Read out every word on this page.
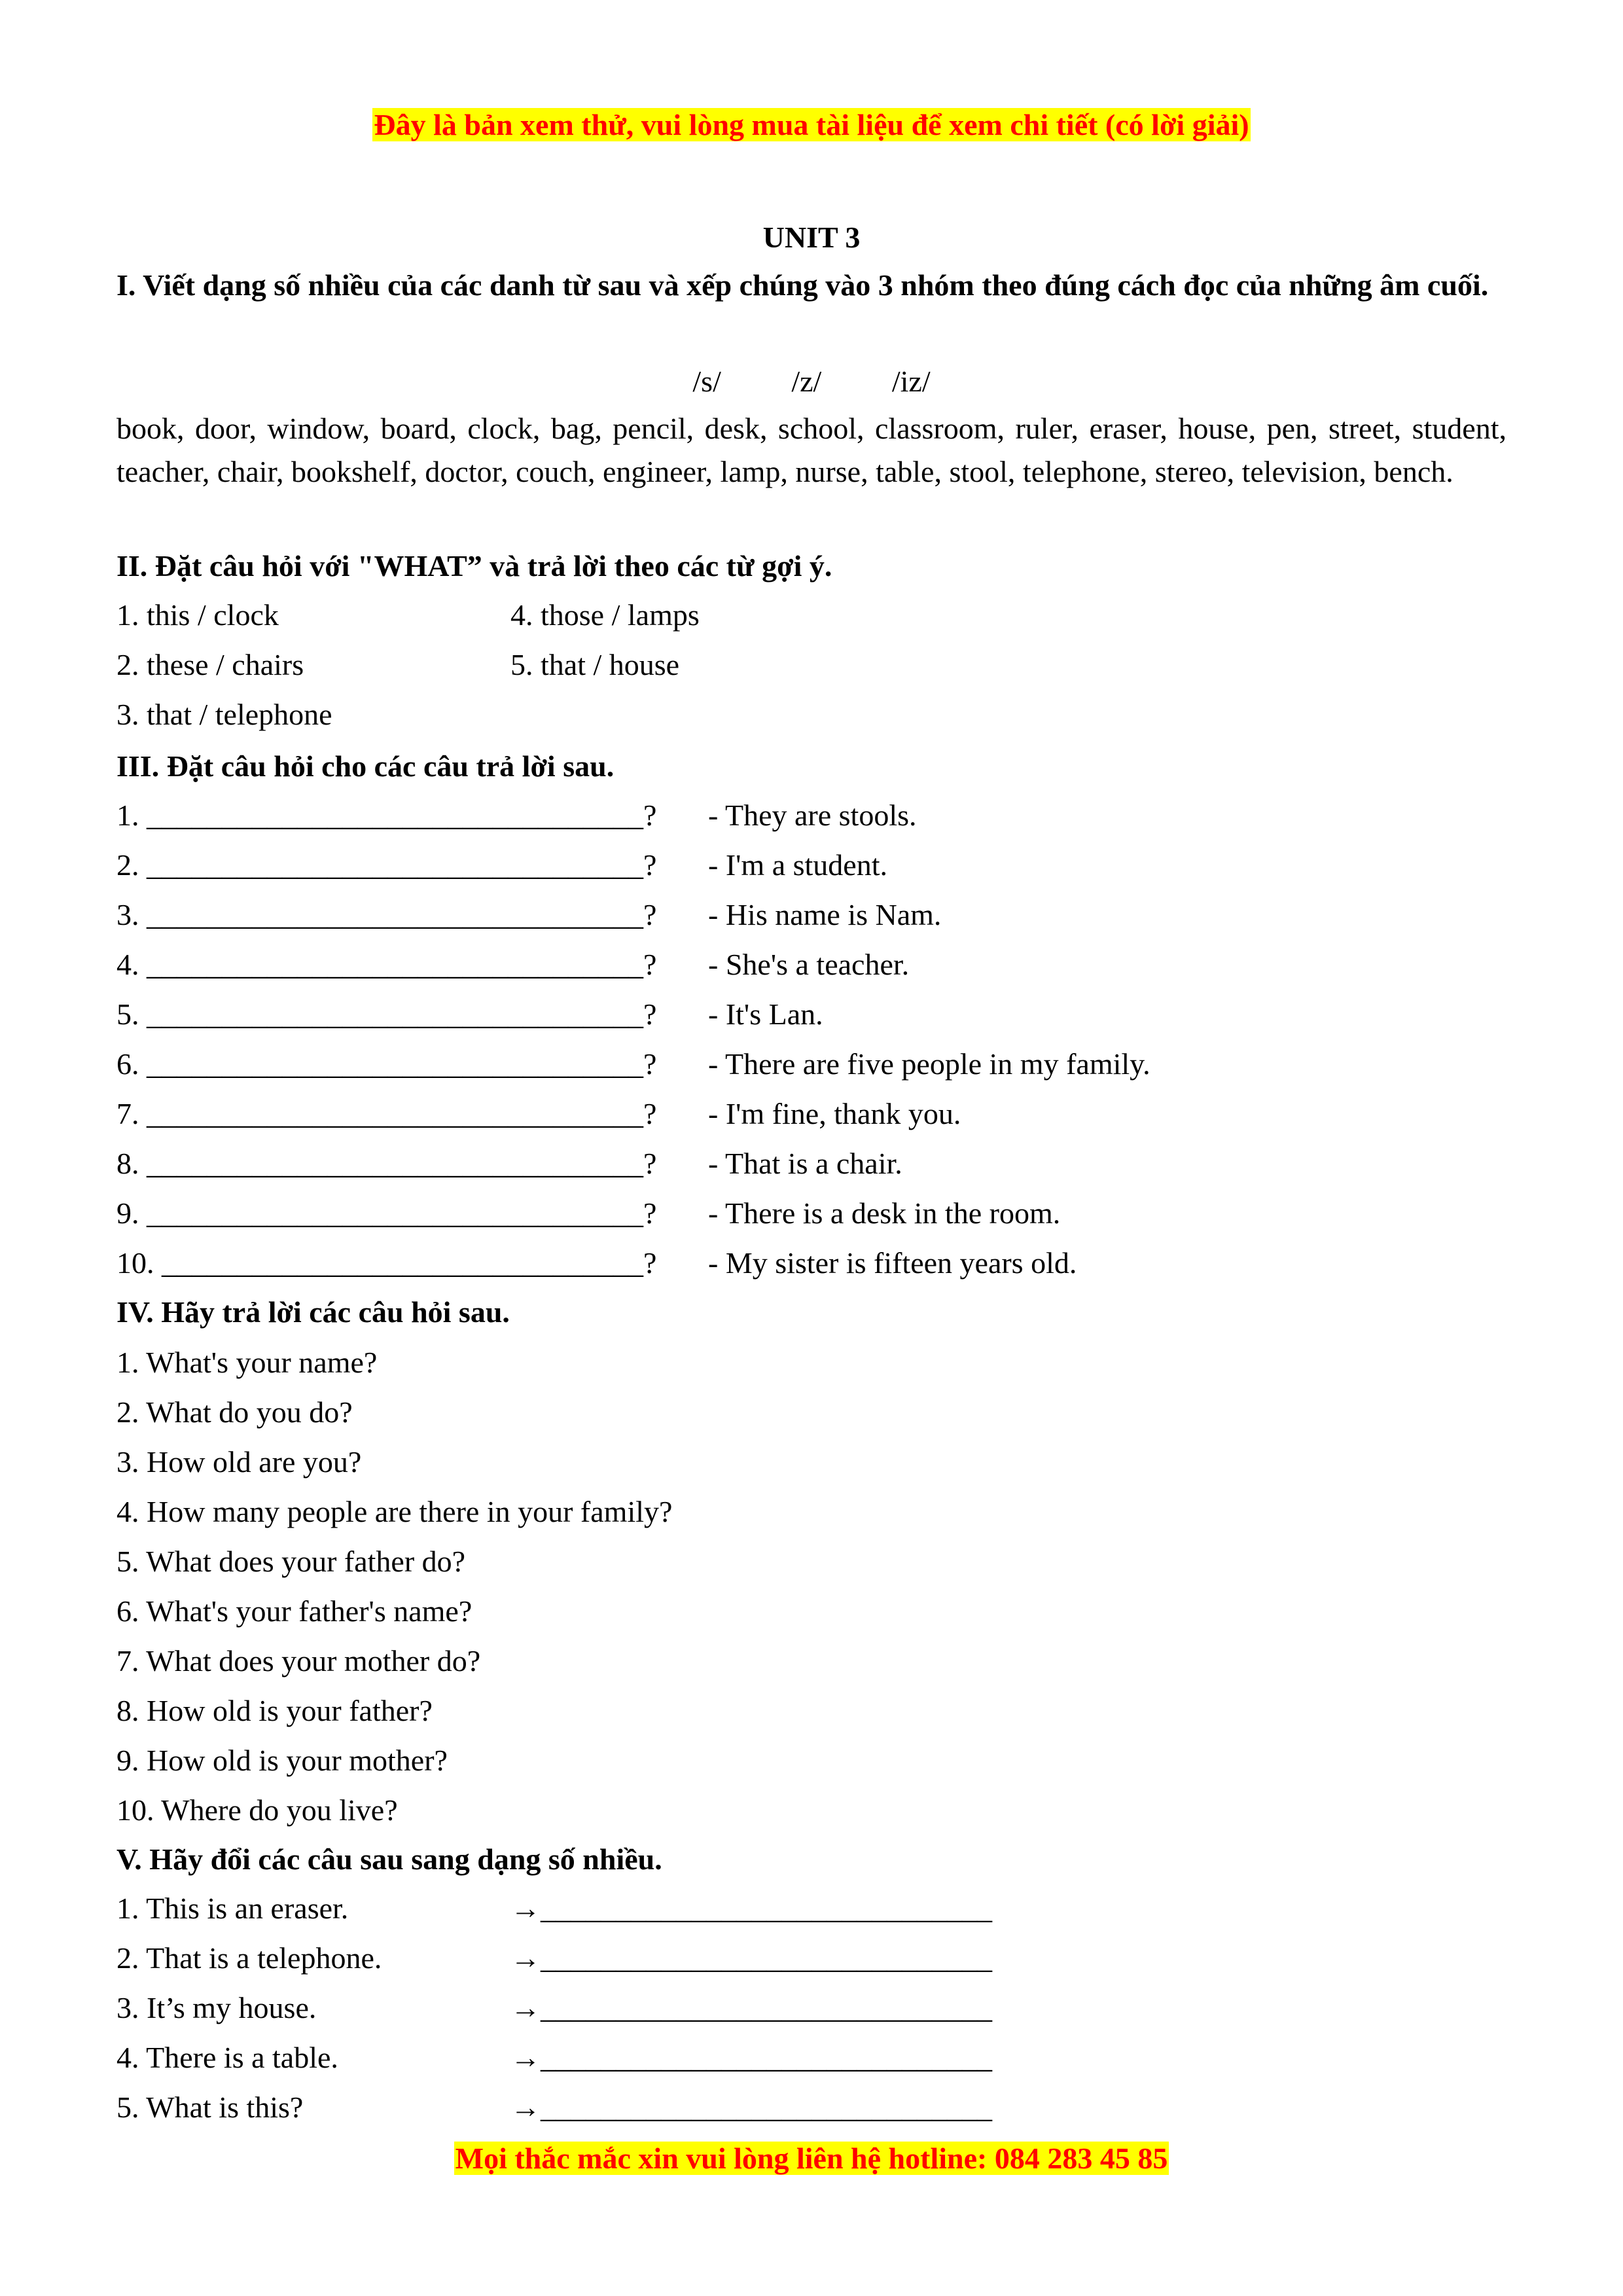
Đây là bản xem thử, vui lòng mua tài liệu để xem chi tiết (có lời giải)
UNIT 3
I. Viết dạng số nhiều của các danh từ sau và xếp chúng vào 3 nhóm theo đúng cách đọc của những âm cuối.
/s/ /z/ /iz/
book, door, window, board, clock, bag, pencil, desk, school, classroom, ruler, eraser, house, pen, street, student, teacher, chair, bookshelf, doctor, couch, engineer, lamp, nurse, table, stool, telephone, stereo, television, bench.
II. Đặt câu hỏi với "WHAT” và trả lời theo các từ gợi ý.
1. this / clock
2. these / chairs
3. that / telephone
4. those / lamps
5. that / house
III. Đặt câu hỏi cho các câu trả lời sau.
1. _________________________________? - They are stools.
2. _________________________________? - I'm a student.
3. _________________________________? - His name is Nam.
4. _________________________________? - She's a teacher.
5. _________________________________? - It's Lan.
6. _________________________________? - There are five people in my family.
7. _________________________________? - I'm fine, thank you.
8. _________________________________? - That is a chair.
9. _________________________________? - There is a desk in the room.
10. ________________________________? - My sister is fifteen years old.
IV. Hãy trả lời các câu hỏi sau.
1. What's your name?
2. What do you do?
3. How old are you?
4. How many people are there in your family?
5. What does your father do?
6. What's your father's name?
7. What does your mother do?
8. How old is your father?
9. How old is your mother?
10. Where do you live?
V. Hãy đổi các câu sau sang dạng số nhiều.
1. This is an eraser.	→______________________________
2. That is a telephone.	→______________________________
3. It’s my house.	→______________________________
4. There is a table.	→______________________________
5. What is this?	→______________________________
Mọi thắc mắc xin vui lòng liên hệ hotline: 084 283 45 85
